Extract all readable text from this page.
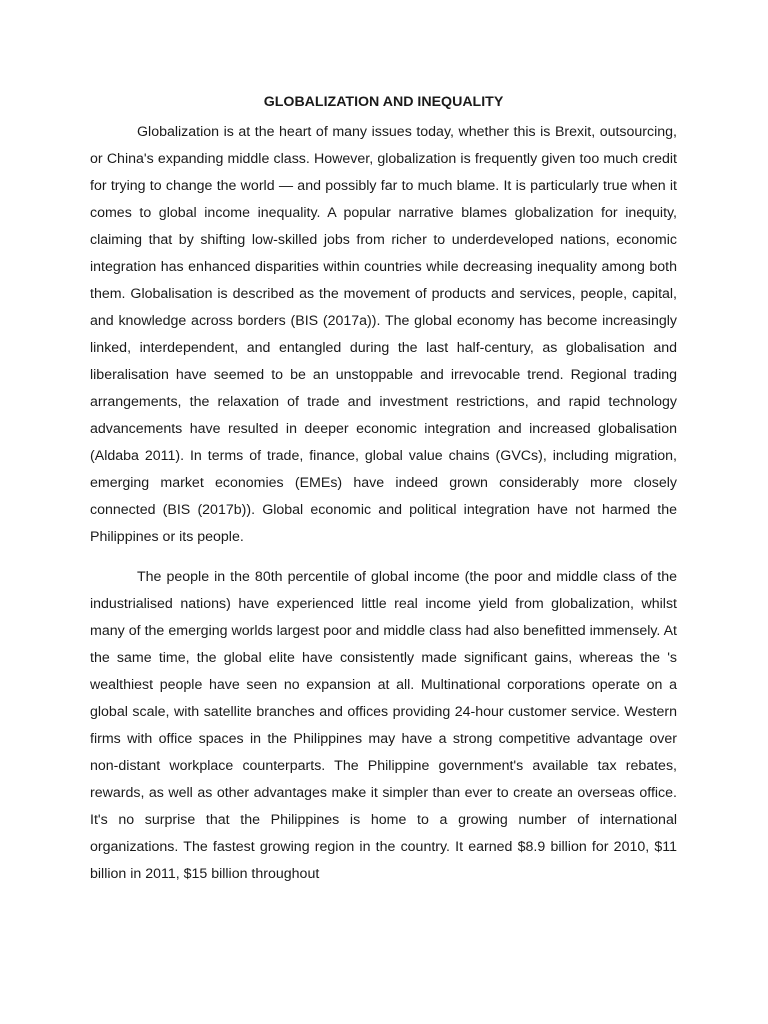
GLOBALIZATION AND INEQUALITY

Globalization is at the heart of many issues today, whether this is Brexit, outsourcing, or China's expanding middle class. However, globalization is frequently given too much credit for trying to change the world — and possibly far to much blame. It is particularly true when it comes to global income inequality. A popular narrative blames globalization for inequity, claiming that by shifting low-skilled jobs from richer to underdeveloped nations, economic integration has enhanced disparities within countries while decreasing inequality among both them. Globalisation is described as the movement of products and services, people, capital, and knowledge across borders (BIS (2017a)). The global economy has become increasingly linked, interdependent, and entangled during the last half-century, as globalisation and liberalisation have seemed to be an unstoppable and irrevocable trend. Regional trading arrangements, the relaxation of trade and investment restrictions, and rapid technology advancements have resulted in deeper economic integration and increased globalisation (Aldaba 2011). In terms of trade, finance, global value chains (GVCs), including migration, emerging market economies (EMEs) have indeed grown considerably more closely connected (BIS (2017b)). Global economic and political integration have not harmed the Philippines or its people.

The people in the 80th percentile of global income (the poor and middle class of the industrialised nations) have experienced little real income yield from globalization, whilst many of the emerging worlds largest poor and middle class had also benefitted immensely. At the same time, the global elite have consistently made significant gains, whereas the 's wealthiest people have seen no expansion at all. Multinational corporations operate on a global scale, with satellite branches and offices providing 24-hour customer service. Western firms with office spaces in the Philippines may have a strong competitive advantage over non-distant workplace counterparts. The Philippine government's available tax rebates, rewards, as well as other advantages make it simpler than ever to create an overseas office. It's no surprise that the Philippines is home to a growing number of international organizations. The fastest growing region in the country. It earned $8.9 billion for 2010, $11 billion in 2011, $15 billion throughout
